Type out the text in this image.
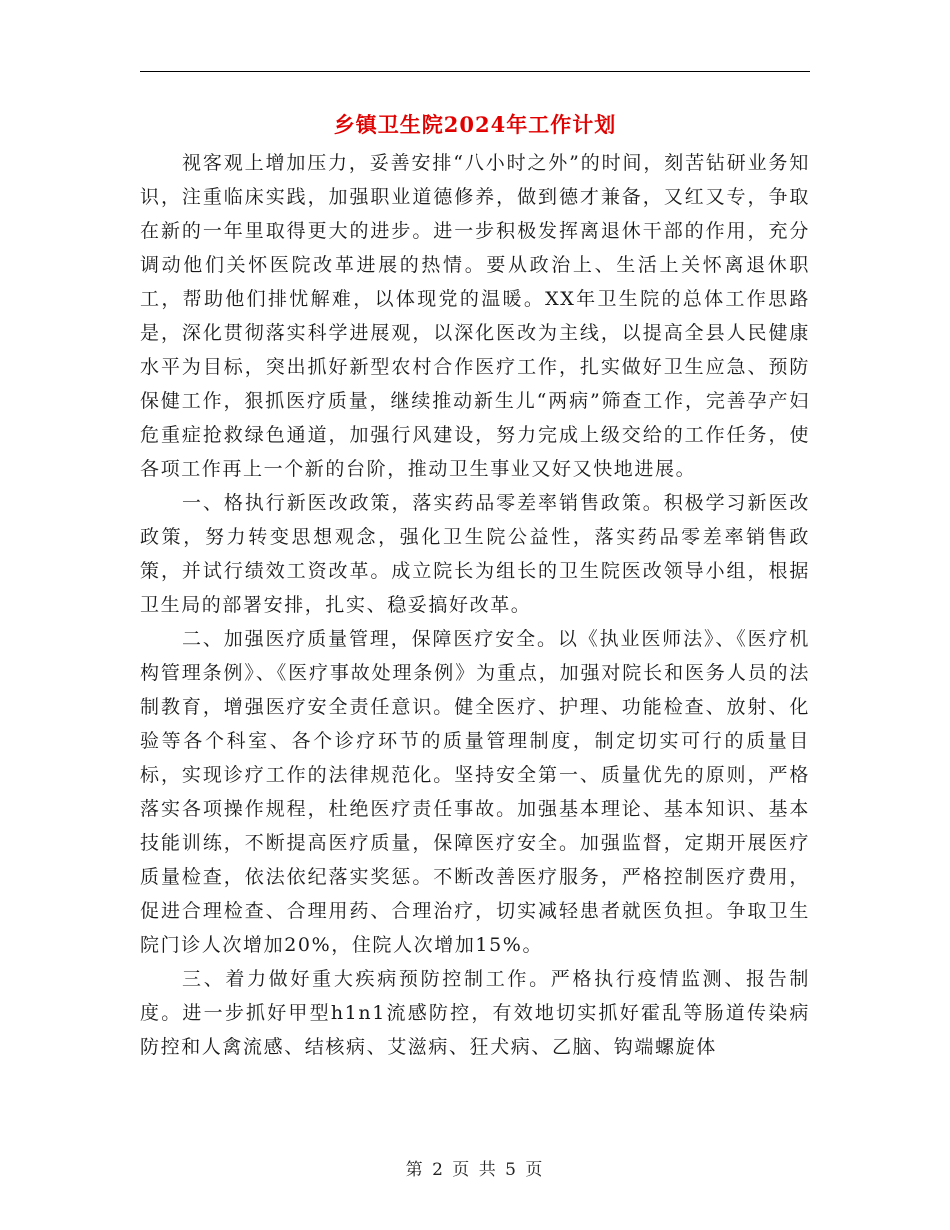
乡镇卫生院2024年工作计划

视客观上增加压力，妥善安排“八小时之外”的时间，刻苦钻研业务知识，注重临床实践，加强职业道德修养，做到德才兼备，又红又专，争取在新的一年里取得更大的进步。进一步积极发挥离退休干部的作用，充分调动他们关怀医院改革进展的热情。要从政治上、生活上关怀离退休职工，帮助他们排忧解难，以体现党的温暖。XX年卫生院的总体工作思路是，深化贯彻落实科学进展观，以深化医改为主线，以提高全县人民健康水平为目标，突出抓好新型农村合作医疗工作，扎实做好卫生应急、预防保健工作，狠抓医疗质量，继续推动新生儿“两病”筛查工作，完善孕产妇危重症抢救绿色通道，加强行风建设，努力完成上级交给的工作任务，使各项工作再上一个新的台阶，推动卫生事业又好又快地进展。

一、格执行新医改政策，落实药品零差率销售政策。积极学习新医改政策，努力转变思想观念，强化卫生院公益性，落实药品零差率销售政策，并试行绩效工资改革。成立院长为组长的卫生院医改领导小组，根据卫生局的部署安排，扎实、稳妥搞好改革。

二、加强医疗质量管理，保障医疗安全。以《执业医师法》、《医疗机构管理条例》、《医疗事故处理条例》为重点，加强对院长和医务人员的法制教育，增强医疗安全责任意识。健全医疗、护理、功能检查、放射、化验等各个科室、各个诊疗环节的质量管理制度，制定切实可行的质量目标，实现诊疗工作的法律规范化。坚持安全第一、质量优先的原则，严格落实各项操作规程，杜绝医疗责任事故。加强基本理论、基本知识、基本技能训练，不断提高医疗质量，保障医疗安全。加强监督，定期开展医疗质量检查，依法依纪落实奖惩。不断改善医疗服务，严格控制医疗费用，促进合理检查、合理用药、合理治疗，切实减轻患者就医负担。争取卫生院门诊人次增加20%，住院人次增加15%。

三、着力做好重大疾病预防控制工作。严格执行疫情监测、报告制度。进一步抓好甲型h1n1流感防控，有效地切实抓好霍乱等肠道传染病防控和人禽流感、结核病、艾滋病、狂犬病、乙脑、钩端螺旋体

第 2 页 共 5 页
